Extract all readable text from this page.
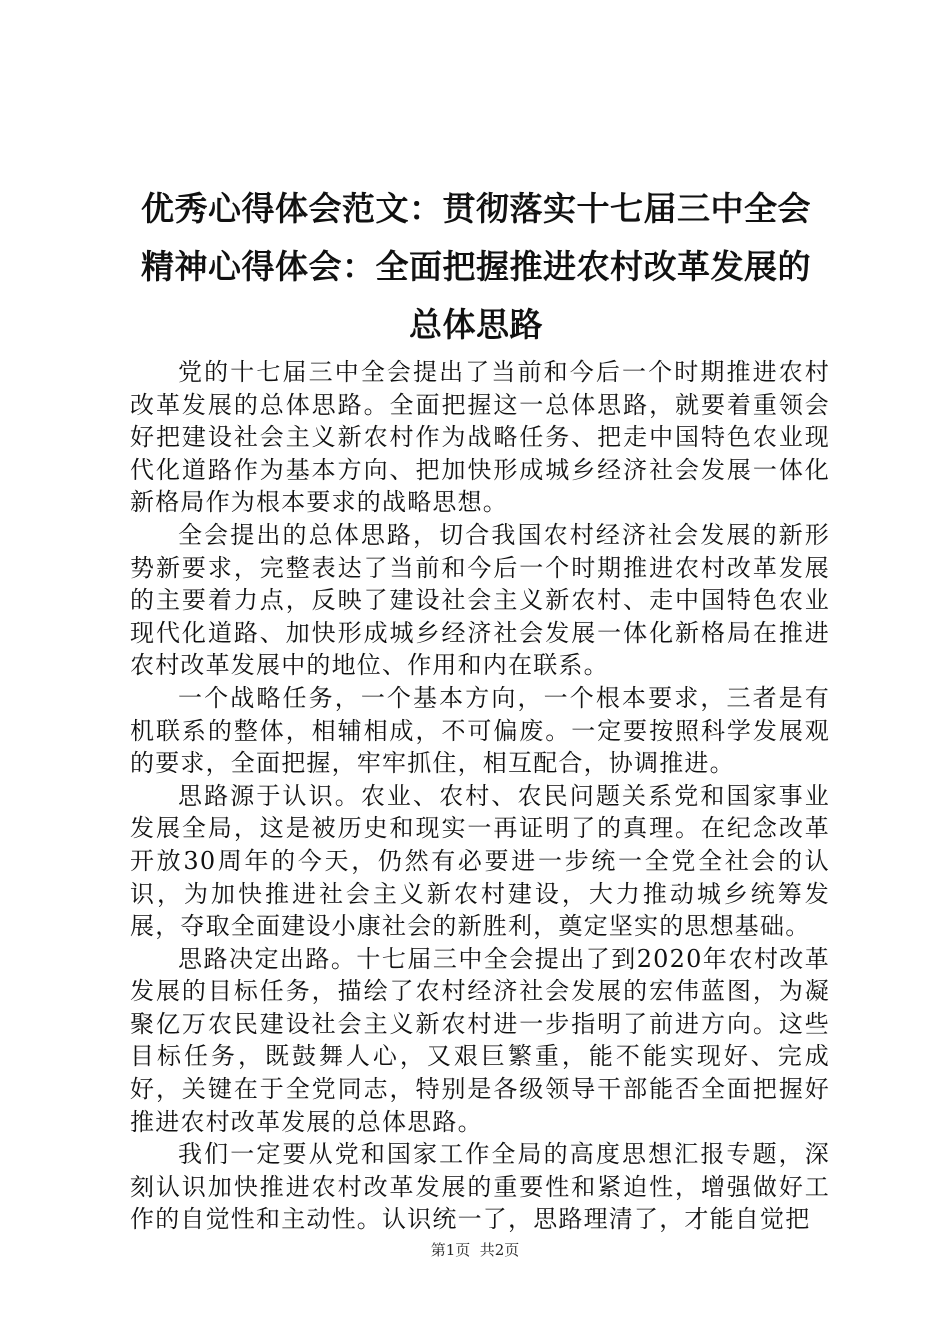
优秀心得体会范文：贯彻落实十七届三中全会
精神心得体会：全面把握推进农村改革发展的
总体思路

党的十七届三中全会提出了当前和今后一个时期推进农村改革发展的总体思路。全面把握这一总体思路，就要着重领会好把建设社会主义新农村作为战略任务、把走中国特色农业现代化道路作为基本方向、把加快形成城乡经济社会发展一体化新格局作为根本要求的战略思想。

全会提出的总体思路，切合我国农村经济社会发展的新形势新要求，完整表达了当前和今后一个时期推进农村改革发展的主要着力点，反映了建设社会主义新农村、走中国特色农业现代化道路、加快形成城乡经济社会发展一体化新格局在推进农村改革发展中的地位、作用和内在联系。

一个战略任务，一个基本方向，一个根本要求，三者是有机联系的整体，相辅相成，不可偏废。一定要按照科学发展观的要求，全面把握，牢牢抓住，相互配合，协调推进。

思路源于认识。农业、农村、农民问题关系党和国家事业发展全局，这是被历史和现实一再证明了的真理。在纪念改革开放30周年的今天，仍然有必要进一步统一全党全社会的认识，为加快推进社会主义新农村建设，大力推动城乡统筹发展，夺取全面建设小康社会的新胜利，奠定坚实的思想基础。

思路决定出路。十七届三中全会提出了到2020年农村改革发展的目标任务，描绘了农村经济社会发展的宏伟蓝图，为凝聚亿万农民建设社会主义新农村进一步指明了前进方向。这些目标任务，既鼓舞人心，又艰巨繁重，能不能实现好、完成好，关键在于全党同志，特别是各级领导干部能否全面把握好推进农村改革发展的总体思路。

我们一定要从党和国家工作全局的高度思想汇报专题，深刻认识加快推进农村改革发展的重要性和紧迫性，增强做好工作的自觉性和主动性。认识统一了，思路理清了，才能自觉把

第1页  共2页
